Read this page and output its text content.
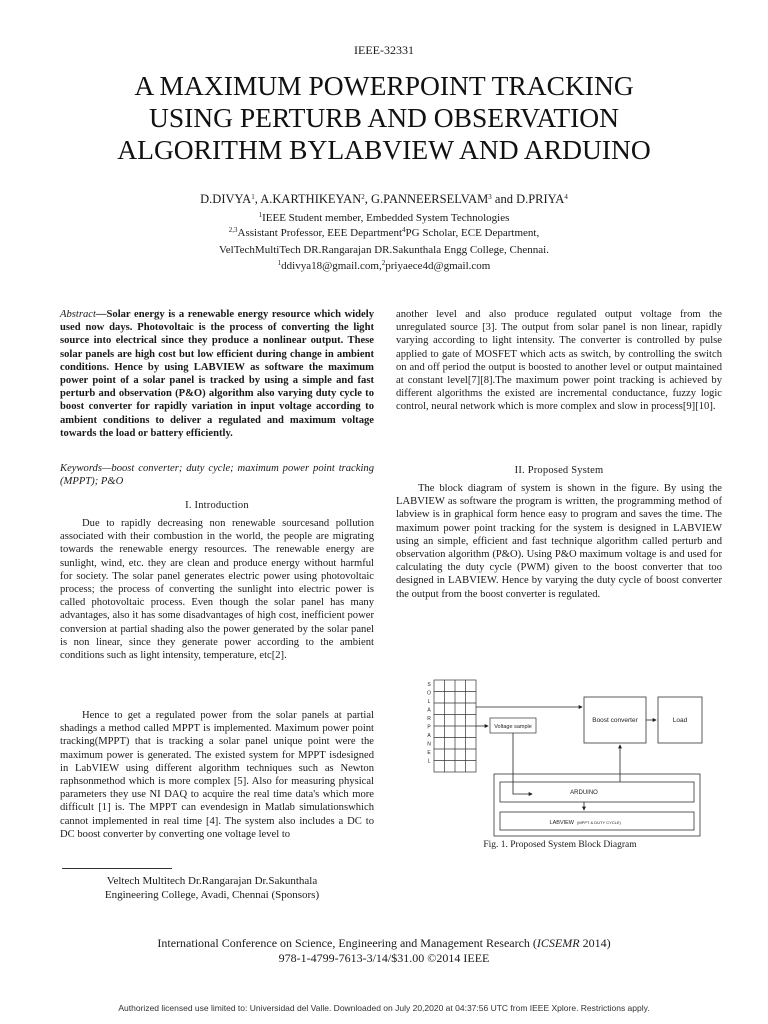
IEEE-32331
A MAXIMUM POWERPOINT TRACKING
USING PERTURB AND OBSERVATION
ALGORITHM BYLABVIEW AND ARDUINO
D.DIVYA$^1$, A.KARTHIKEYAN$^2$, G.PANNEERSELVAM$^3$ and D.PRIYA$^4$
$^1$IEEE Student member, Embedded System Technologies
$^{2,3}$Assistant Professor, EEE Department$^4$PG Scholar, ECE Department,
VelTechMultiTech DR.Rangarajan DR.Sakunthala Engg College, Chennai.
$^1$ddivya18@gmail.com,$^2$priyaece4d@gmail.com

Abstract—Solar energy is a renewable energy resource which widely used now days. Photovoltaic is the process of converting the light source into electrical since they produce a nonlinear output. These solar panels are high cost but low efficient during change in ambient conditions. Hence by using LABVIEW as software the maximum power point of a solar panel is tracked by using a simple and fast perturb and observation (P&O) algorithm also varying duty cycle to boost converter for rapidly variation in input voltage according to ambient conditions to deliver a regulated and maximum voltage towards the load or battery efficiently.

Keywords—boost converter; duty cycle; maximum power point tracking (MPPT); P&O
I. Introduction

Due to rapidly decreasing non renewable sourcesand pollution associated with their combustion in the world, the people are migrating towards the renewable energy resources. The renewable energy are sunlight, wind, etc. they are clean and produce energy without harmful for society. The solar panel generates electric power using photovoltaic process; the process of converting the sunlight into electric power is called photovoltaic process. Even though the solar panel has many advantages, also it has some disadvantages of high cost, inefficient power conversion at partial shading also the power generated by the solar panel is non linear, since they generate power according to the ambient conditions such as light intensity, temperature, etc[2].

Hence to get a regulated power from the solar panels at partial shadings a method called MPPT is implemented. Maximum power point tracking(MPPT) that is tracking a solar panel unique point were the maximum power is generated. The existed system for MPPT isdesigned in LabVIEW using different algorithm techniques such as Newton raphsonmethod which is more complex [5]. Also for measuring physical parameters they use NI DAQ to acquire the real time data's which more difficult [1] is. The MPPT can evendesign in Matlab simulationswhich cannot implemented in real time [4]. The system also includes a DC to DC boost converter by converting one voltage level to

Veltech Multitech Dr.Rangarajan Dr.Sakunthala
Engineering College, Avadi, Chennai (Sponsors)

another level and also produce regulated output voltage from the unregulated source [3]. The output from solar panel is non linear, rapidly varying according to light intensity. The converter is controlled by pulse applied to gate of MOSFET which acts as switch, by controlling the switch on and off period the output is boosted to another level or output maintained at constant level[7][8].The maximum power point tracking is achieved by different algorithms the existed are incremental conductance, fuzzy logic control, neural network which is more complex and slow in process[9][10].

II. Proposed System

The block diagram of system is shown in the figure. By using the LABVIEW as software the program is written, the programming method of labview is in graphical form hence easy to program and saves the time. The maximum power point tracking for the system is designed in LABVIEW using an simple, efficient and fast technique algorithm called perturb and observation algorithm (P&O). Using P&O maximum voltage is and used for calculating the duty cycle (PWM) given to the boost converter that too designed in LABVIEW. Hence by varying the duty cycle of boost converter the output from the boost converter is regulated.

S
O
L
A
R
P
A
N
E
L
Boost converter	Load
Voltage sample
ARDUINO
LABVIEW (MPPT & DUTY CYCLE)
Fig. 1. Proposed System Block Diagram
International Conference on Science, Engineering and Management Research (ICSEMR 2014)
978-1-4799-7613-3/14/$31.00 ©2014 IEEE
Authorized licensed use limited to: Universidad del Valle. Downloaded on July 20,2020 at 04:37:56 UTC from IEEE Xplore. Restrictions apply.
